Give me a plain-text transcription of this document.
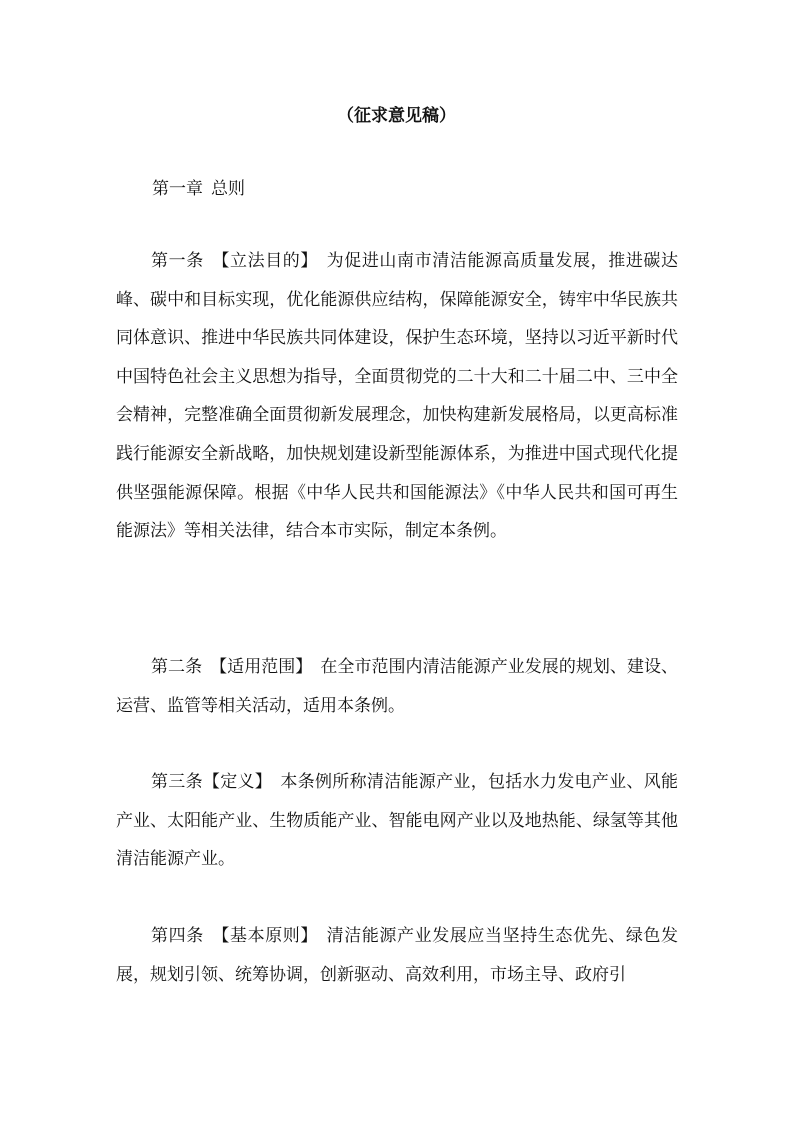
（征求意见稿）
第一章 总则

第一条 【立法目的】 为促进山南市清洁能源高质量发展，推进碳达峰、碳中和目标实现，优化能源供应结构，保障能源安全，铸牢中华民族共同体意识、推进中华民族共同体建设，保护生态环境，坚持以习近平新时代中国特色社会主义思想为指导，全面贯彻党的二十大和二十届二中、三中全会精神，完整准确全面贯彻新发展理念，加快构建新发展格局，以更高标准践行能源安全新战略，加快规划建设新型能源体系，为推进中国式现代化提供坚强能源保障。根据《中华人民共和国能源法》《中华人民共和国可再生能源法》等相关法律，结合本市实际，制定本条例。

第二条 【适用范围】 在全市范围内清洁能源产业发展的规划、建设、运营、监管等相关活动，适用本条例。

第三条【定义】 本条例所称清洁能源产业，包括水力发电产业、风能产业、太阳能产业、生物质能产业、智能电网产业以及地热能、绿氢等其他清洁能源产业。

第四条 【基本原则】 清洁能源产业发展应当坚持生态优先、绿色发展，规划引领、统筹协调，创新驱动、高效利用，市场主导、政府引
